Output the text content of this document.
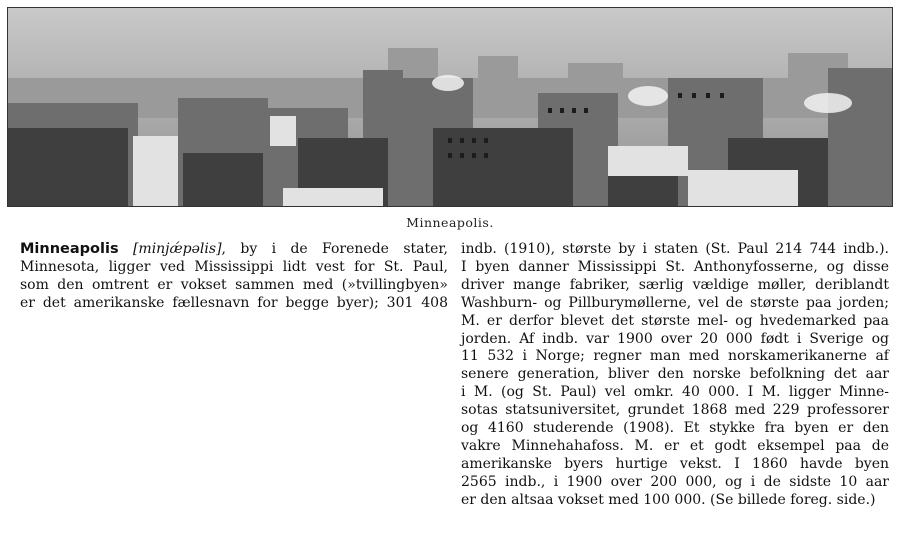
Minneapolis.
Minneapolis [minjǽpəlis], by i de Forenede stater,
Minnesota, ligger ved Mississippi lidt vest for St. Paul,
som den omtrent er vokset sammen med (»tvillingbyen»
er det amerikanske fællesnavn for begge byer); 301 408
indb. (1910), største by i staten (St. Paul 214 744 indb.).
I byen danner Mississippi St. Anthonyfosserne, og disse
driver mange fabriker, særlig vældige møller, deriblandt
Washburn- og Pillburymøllerne, vel de største paa jorden;
M. er derfor blevet det største mel- og hvedemarked paa
jorden. Af indb. var 1900 over 20 000 født i Sverige og
11 532 i Norge; regner man med norskamerikanerne af
senere generation, bliver den norske befolkning det aar
i M. (og St. Paul) vel omkr. 40 000. I M. ligger Minne-
sotas statsuniversitet, grundet 1868 med 229 professorer
og 4160 studerende (1908). Et stykke fra byen er den
vakre Minnehahafoss. M. er et godt eksempel paa de
amerikanske byers hurtige vekst. I 1860 havde byen
2565 indb., i 1900 over 200 000, og i de sidste 10 aar
er den altsaa vokset med 100 000. (Se billede foreg. side.)
